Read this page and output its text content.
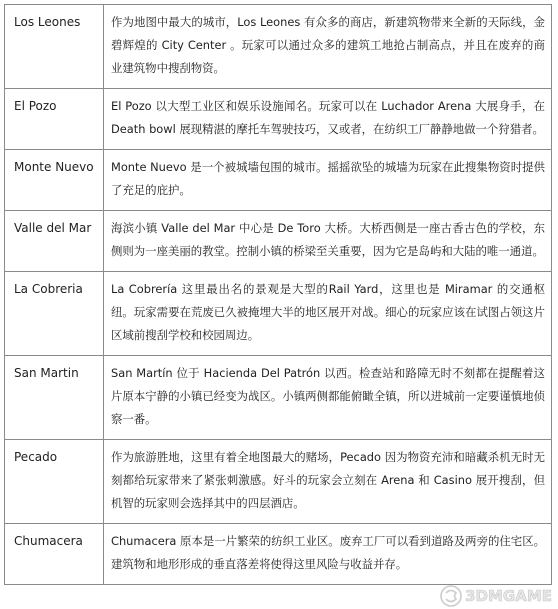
Los Leones	作为地图中最大的城市，Los Leones 有众多的商店，新建筑物带来全新的天际线，金碧辉煌的 City Center 。玩家可以通过众多的建筑工地抢占制高点，并且在废弃的商业建筑物中搜刮物资。
El Pozo	El Pozo 以大型工业区和娱乐设施闻名。玩家可以在 Luchador Arena 大展身手，在Death bowl 展现精湛的摩托车驾驶技巧，又或者，在纺织工厂静静地做一个狩猎者。
Monte Nuevo	Monte Nuevo 是一个被城墙包围的城市。摇摇欲坠的城墙为玩家在此搜集物资时提供了充足的庇护。
Valle del Mar	海滨小镇 Valle del Mar 中心是 De Toro 大桥。大桥西侧是一座古香古色的学校，东侧则为一座美丽的教堂。控制小镇的桥梁至关重要，因为它是岛屿和大陆的唯一通道。
La Cobreria	La Cobrería 这里最出名的景观是大型的Rail Yard，这里也是 Miramar 的交通枢纽。玩家需要在荒废已久被掩埋大半的地区展开对战。细心的玩家应该在试图占领这片区域前搜刮学校和校园周边。
San Martin	San Martín 位于 Hacienda Del Patrón 以西。检查站和路障无时不刻都在提醒着这片原本宁静的小镇已经变为战区。小镇两侧都能俯瞰全镇，所以进城前一定要谨慎地侦察一番。
Pecado	作为旅游胜地，这里有着全地图最大的赌场，Pecado 因为物资充沛和暗藏杀机无时无刻都给玩家带来了紧张刺激感。好斗的玩家会立刻在 Arena 和 Casino 展开搜刮，但机智的玩家则会选择其中的四层酒店。
Chumacera	Chumacera 原本是一片繁荣的纺织工业区。废弃工厂可以看到道路及两旁的住宅区。建筑物和地形形成的垂直落差将使得这里风险与收益并存。
3DMGAME
